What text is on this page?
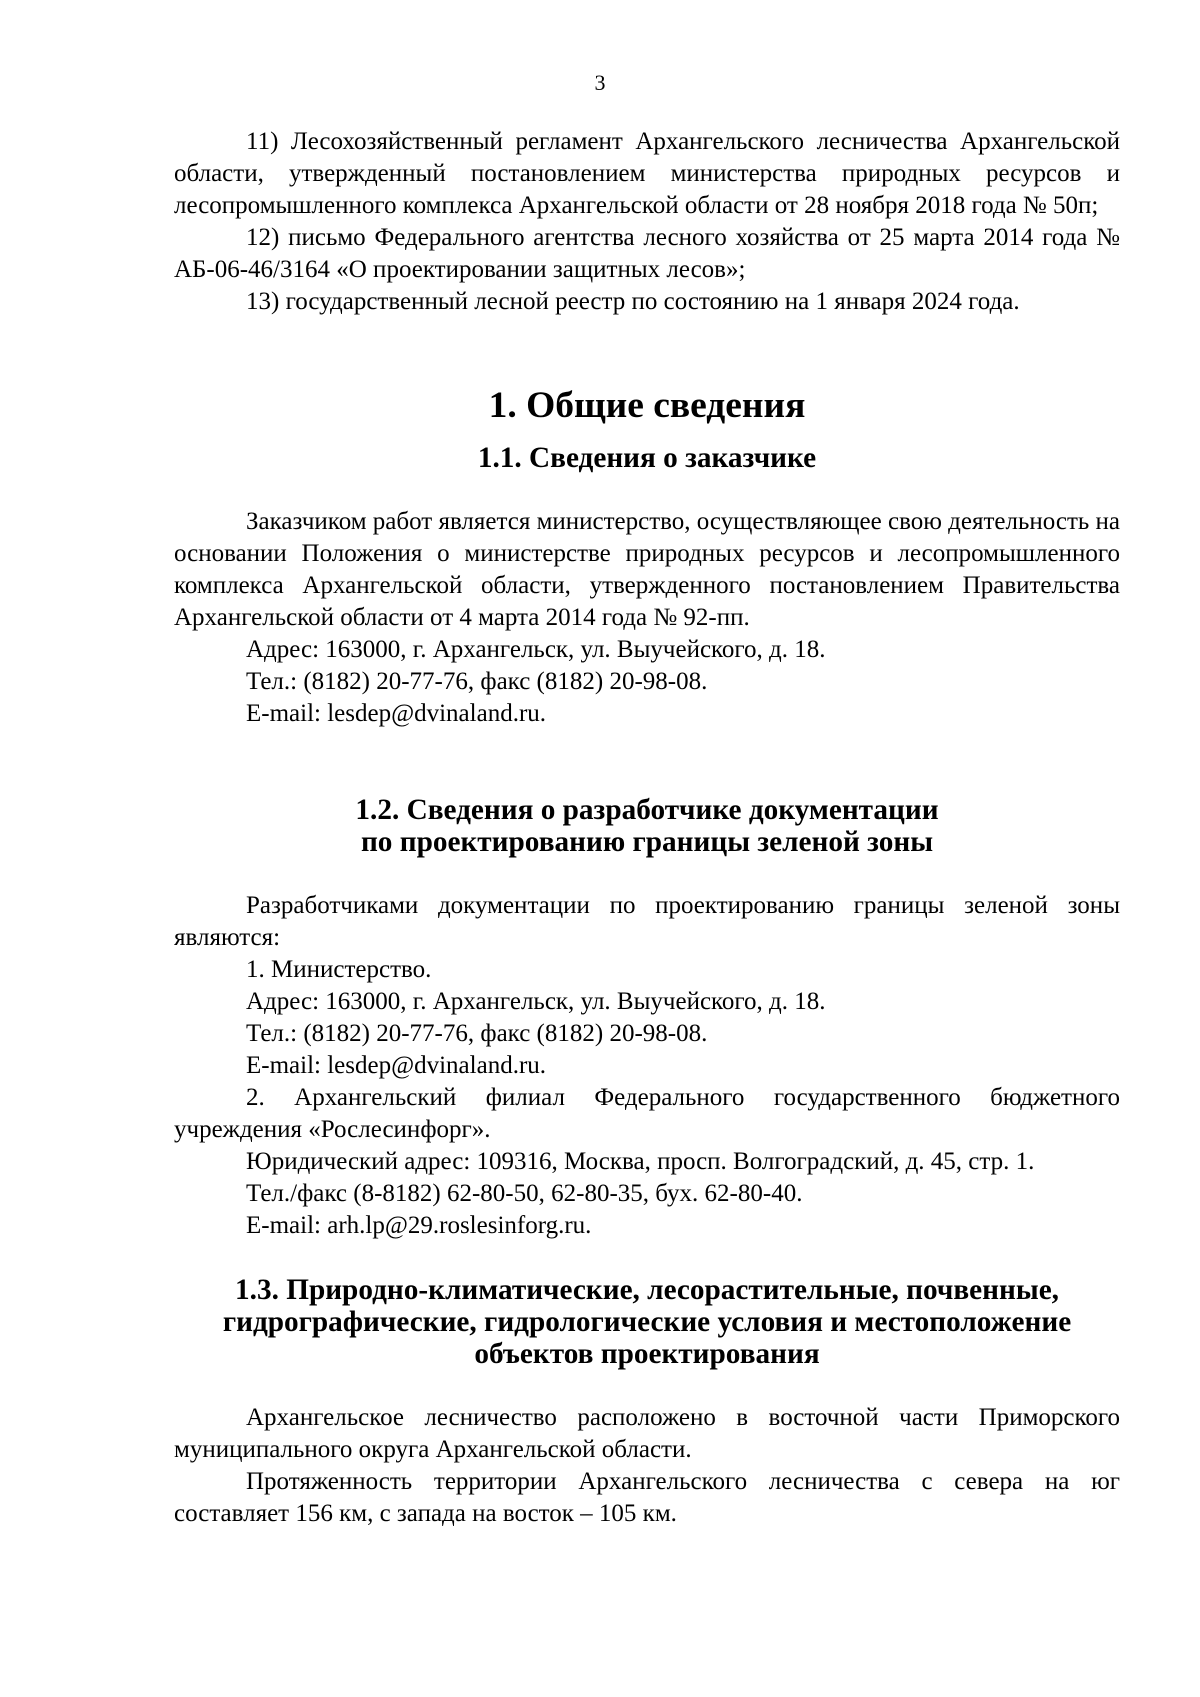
3

11) Лесохозяйственный регламент Архангельского лесничества Архангельской области, утвержденный постановлением министерства природных ресурсов и лесопромышленного комплекса Архангельской области от 28 ноября 2018 года № 50п;

12) письмо Федерального агентства лесного хозяйства от 25 марта 2014 года № АБ-06-46/3164 «О проектировании защитных лесов»;

13) государственный лесной реестр по состоянию на 1 января 2024 года.

1. Общие сведения
1.1. Сведения о заказчике

Заказчиком работ является министерство, осуществляющее свою деятельность на основании Положения о министерстве природных ресурсов и лесопромышленного комплекса Архангельской области, утвержденного постановлением Правительства Архангельской области от 4 марта 2014 года № 92-пп.

Адрес: 163000, г. Архангельск, ул. Выучейского, д. 18.

Тел.: (8182) 20-77-76, факс (8182) 20-98-08.

E-mail: lesdep@dvinaland.ru.

1.2. Сведения о разработчике документации
по проектированию границы зеленой зоны

Разработчиками документации по проектированию границы зеленой зоны являются:

1. Министерство.

Адрес: 163000, г. Архангельск, ул. Выучейского, д. 18.

Тел.: (8182) 20-77-76, факс (8182) 20-98-08.

E-mail: lesdep@dvinaland.ru.

2. Архангельский филиал Федерального государственного бюджетного учреждения «Рослесинфорг».

Юридический адрес: 109316, Москва, просп. Волгоградский, д. 45, стр. 1.

Тел./факс (8-8182) 62-80-50, 62-80-35, бух. 62-80-40.

E-mail: arh.lp@29.roslesinforg.ru.

1.3. Природно-климатические, лесорастительные, почвенные,
гидрографические, гидрологические условия и местоположение
объектов проектирования

Архангельское лесничество расположено в восточной части Приморского муниципального округа Архангельской области.

Протяженность территории Архангельского лесничества с севера на юг составляет 156 км, с запада на восток – 105 км.
